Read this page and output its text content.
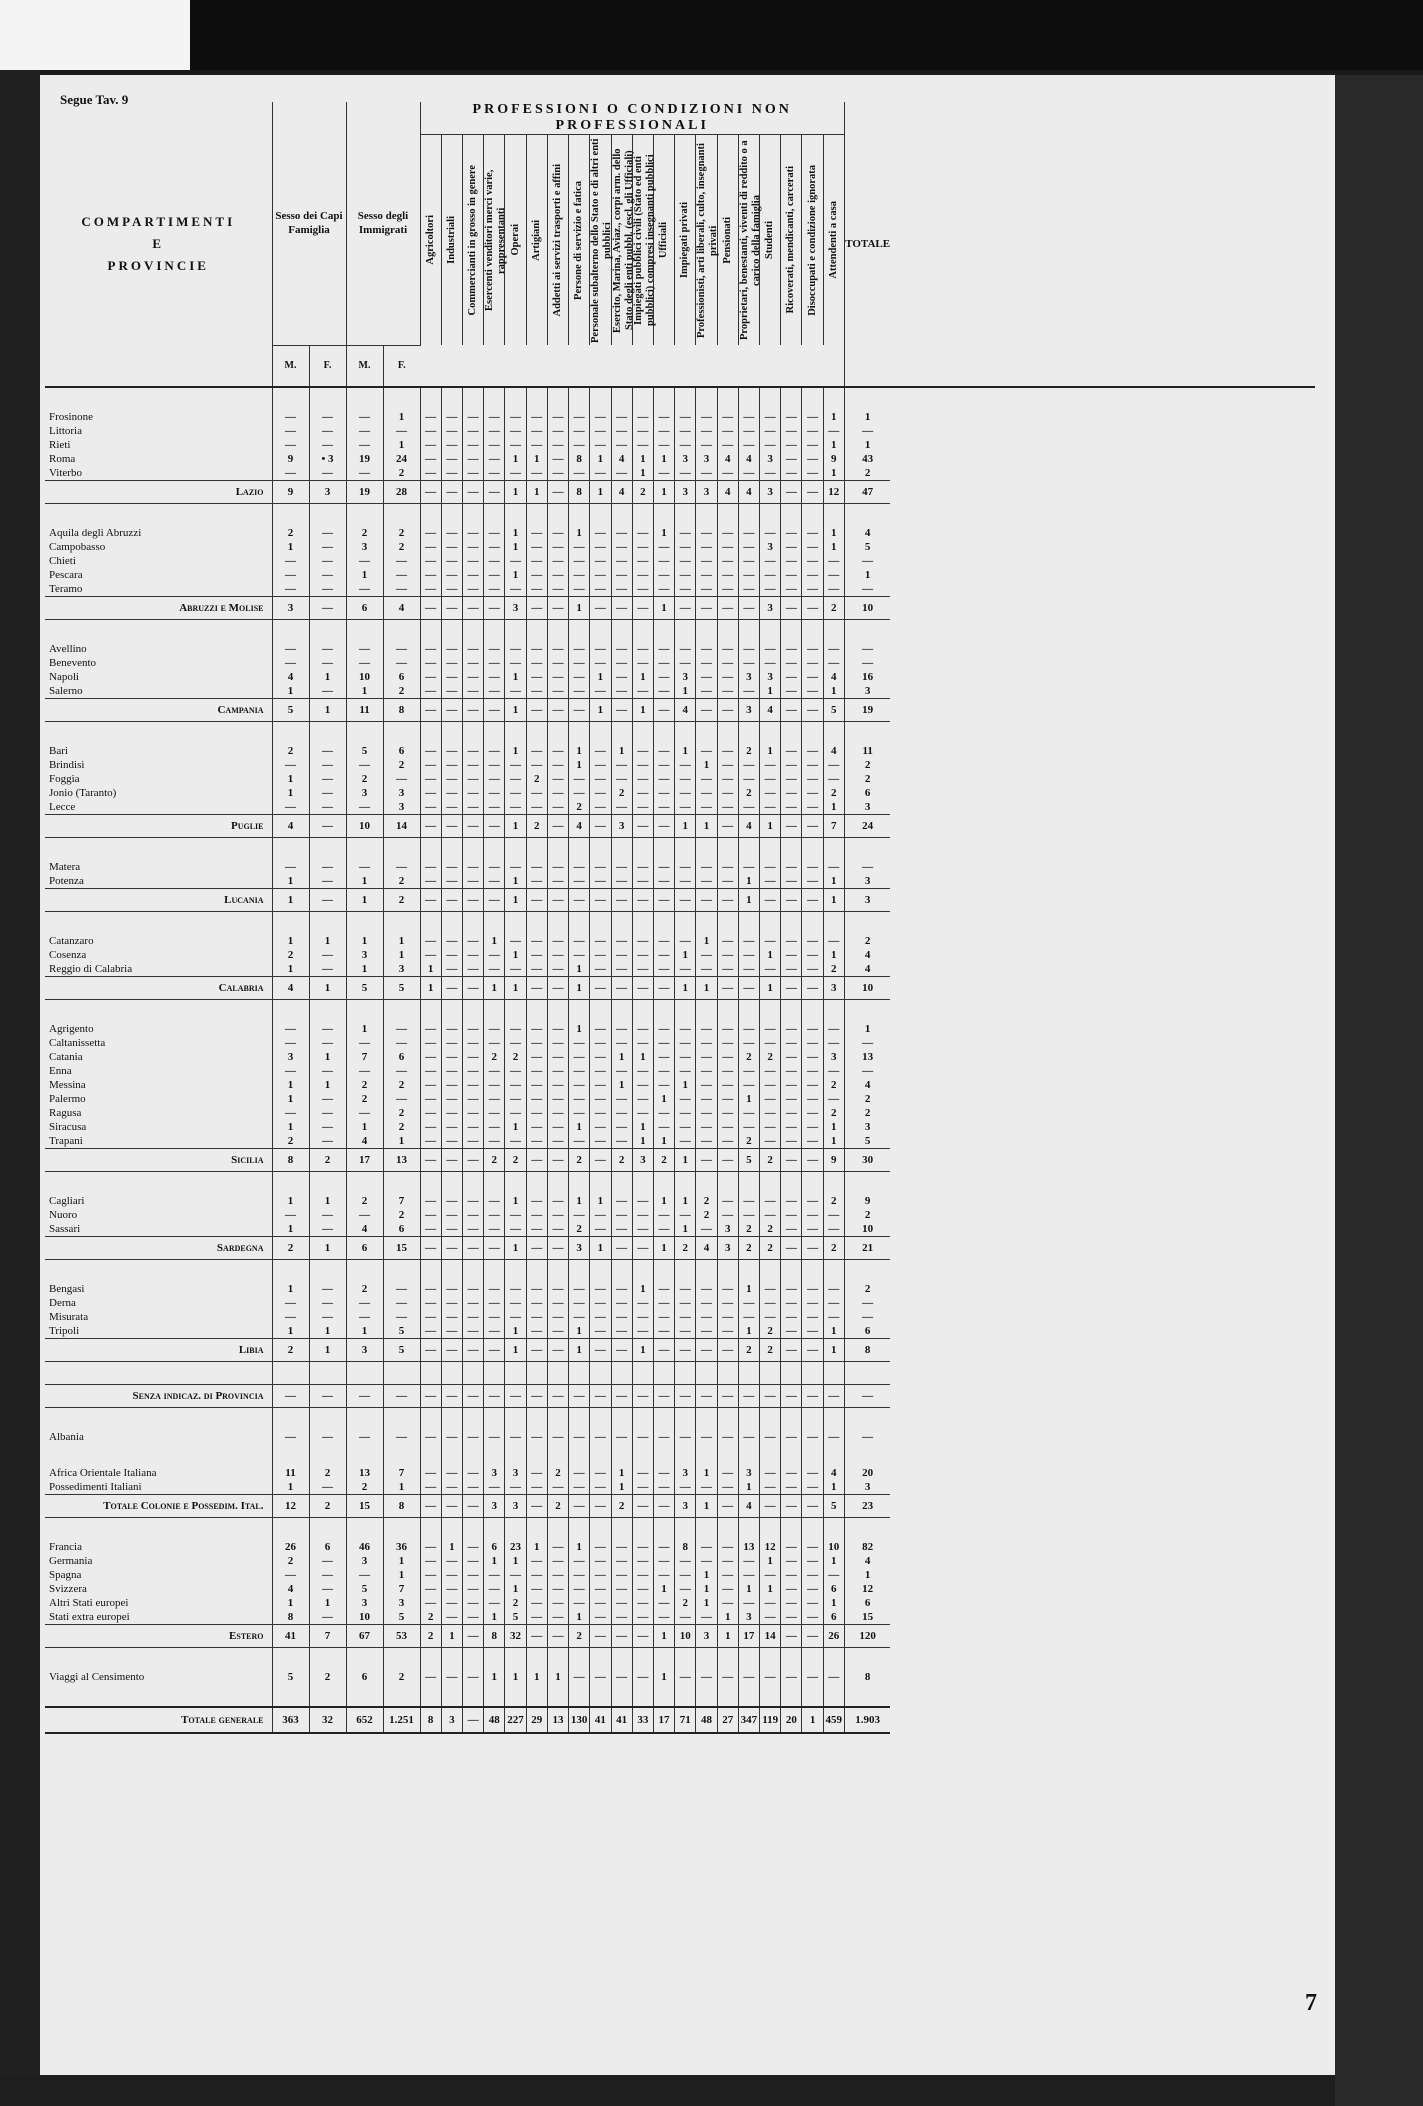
Segue Tav. 9
COMPARTIMENTI
E
PROVINCIE	Sesso dei Capi Famiglia		Sesso degli Immigrati		PROFESSIONI O CONDIZIONI NON PROFESSIONALI																				TOTALE	

					Agricoltori	Industriali	Commercianti in grosso in genere	Esercenti venditori merci varie, rappresentanti	Operai	Artigiani	Addetti ai servizi trasporti e affini	Persone di servizio e fatica	Personale subalterno dello Stato e di altri enti pubblici	Esercito, Marina, Aviaz., corpi arm. dello Stato degli enti pubbl. (escl. gli Ufficiali)	Impiegati pubblici civili (Stato ed enti pubblici) compresi insegnanti pubblici	Ufficiali	Impiegati privati	Professionisti, arti liberali, culto, insegnanti privati	Pensionati	Proprietari, benestanti, viventi di reddito o a carico della famiglia	Studenti	Ricoverati, mendicanti, carcerati	Disoccupati e condizione ignorata	Attendenti a casa		

	M.	F.	M.	F.																						

Frosinone	—	—	—	1	—	—	—	—	—	—	—	—	—	—	—	—	—	—	—	—	—	—	—	1	1	
Littoria	—	—	—	—	—	—	—	—	—	—	—	—	—	—	—	—	—	—	—	—	—	—	—	—	—	
Rieti	—	—	—	1	—	—	—	—	—	—	—	—	—	—	—	—	—	—	—	—	—	—	—	1	1	
Roma	9	• 3	19	24	—	—	—	—	1	1	—	8	1	4	1	1	3	3	4	4	3	—	—	9	43	
Viterbo	—	—	—	2	—	—	—	—	—	—	—	—	—	—	1	—	—	—	—	—	—	—	—	1	2	
Lazio	9	3	19	28	—	—	—	—	1	1	—	8	1	4	2	1	3	3	4	4	3	—	—	12	47	

Aquila degli Abruzzi	2	—	2	2	—	—	—	—	1	—	—	1	—	—	—	1	—	—	—	—	—	—	—	1	4	
Campobasso	1	—	3	2	—	—	—	—	1	—	—	—	—	—	—	—	—	—	—	—	3	—	—	1	5	
Chieti	—	—	—	—	—	—	—	—	—	—	—	—	—	—	—	—	—	—	—	—	—	—	—	—	—	
Pescara	—	—	1	—	—	—	—	—	1	—	—	—	—	—	—	—	—	—	—	—	—	—	—	—	1	
Teramo	—	—	—	—	—	—	—	—	—	—	—	—	—	—	—	—	—	—	—	—	—	—	—	—	—	
Abruzzi e Molise	3	—	6	4	—	—	—	—	3	—	—	1	—	—	—	1	—	—	—	—	3	—	—	2	10	

Avellino	—	—	—	—	—	—	—	—	—	—	—	—	—	—	—	—	—	—	—	—	—	—	—	—	—	
Benevento	—	—	—	—	—	—	—	—	—	—	—	—	—	—	—	—	—	—	—	—	—	—	—	—	—	
Napoli	4	1	10	6	—	—	—	—	1	—	—	—	1	—	1	—	3	—	—	3	3	—	—	4	16	
Salerno	1	—	1	2	—	—	—	—	—	—	—	—	—	—	—	—	1	—	—	—	1	—	—	1	3	
Campania	5	1	11	8	—	—	—	—	1	—	—	—	1	—	1	—	4	—	—	3	4	—	—	5	19	

Bari	2	—	5	6	—	—	—	—	1	—	—	1	—	1	—	—	1	—	—	2	1	—	—	4	11	
Brindisi	—	—	—	2	—	—	—	—	—	—	—	1	—	—	—	—	—	1	—	—	—	—	—	—	2	
Foggia	1	—	2	—	—	—	—	—	—	2	—	—	—	—	—	—	—	—	—	—	—	—	—	—	2	
Jonio (Taranto)	1	—	3	3	—	—	—	—	—	—	—	—	—	2	—	—	—	—	—	2	—	—	—	2	6	
Lecce	—	—	—	3	—	—	—	—	—	—	—	2	—	—	—	—	—	—	—	—	—	—	—	1	3	
Puglie	4	—	10	14	—	—	—	—	1	2	—	4	—	3	—	—	1	1	—	4	1	—	—	7	24	

Matera	—	—	—	—	—	—	—	—	—	—	—	—	—	—	—	—	—	—	—	—	—	—	—	—	—	
Potenza	1	—	1	2	—	—	—	—	1	—	—	—	—	—	—	—	—	—	—	1	—	—	—	1	3	
Lucania	1	—	1	2	—	—	—	—	1	—	—	—	—	—	—	—	—	—	—	1	—	—	—	1	3	

Catanzaro	1	1	1	1	—	—	—	1	—	—	—	—	—	—	—	—	—	1	—	—	—	—	—	—	2	
Cosenza	2	—	3	1	—	—	—	—	1	—	—	—	—	—	—	—	1	—	—	—	1	—	—	1	4	
Reggio di Calabria	1	—	1	3	1	—	—	—	—	—	—	1	—	—	—	—	—	—	—	—	—	—	—	2	4	
Calabria	4	1	5	5	1	—	—	1	1	—	—	1	—	—	—	—	1	1	—	—	1	—	—	3	10	

Agrigento	—	—	1	—	—	—	—	—	—	—	—	1	—	—	—	—	—	—	—	—	—	—	—	—	1	
Caltanissetta	—	—	—	—	—	—	—	—	—	—	—	—	—	—	—	—	—	—	—	—	—	—	—	—	—	
Catania	3	1	7	6	—	—	—	2	2	—	—	—	—	1	1	—	—	—	—	2	2	—	—	3	13	
Enna	—	—	—	—	—	—	—	—	—	—	—	—	—	—	—	—	—	—	—	—	—	—	—	—	—	
Messina	1	1	2	2	—	—	—	—	—	—	—	—	—	1	—	—	1	—	—	—	—	—	—	2	4	
Palermo	1	—	2	—	—	—	—	—	—	—	—	—	—	—	—	1	—	—	—	1	—	—	—	—	2	
Ragusa	—	—	—	2	—	—	—	—	—	—	—	—	—	—	—	—	—	—	—	—	—	—	—	2	2	
Siracusa	1	—	1	2	—	—	—	—	1	—	—	1	—	—	1	—	—	—	—	—	—	—	—	1	3	
Trapani	2	—	4	1	—	—	—	—	—	—	—	—	—	—	1	1	—	—	—	2	—	—	—	1	5	
Sicilia	8	2	17	13	—	—	—	2	2	—	—	2	—	2	3	2	1	—	—	5	2	—	—	9	30	

Cagliari	1	1	2	7	—	—	—	—	1	—	—	1	1	—	—	1	1	2	—	—	—	—	—	2	9	
Nuoro	—	—	—	2	—	—	—	—	—	—	—	—	—	—	—	—	—	2	—	—	—	—	—	—	2	
Sassari	1	—	4	6	—	—	—	—	—	—	—	2	—	—	—	—	1	—	3	2	2	—	—	—	10	
Sardegna	2	1	6	15	—	—	—	—	1	—	—	3	1	—	—	1	2	4	3	2	2	—	—	2	21	

Bengasi	1	—	2	—	—	—	—	—	—	—	—	—	—	—	1	—	—	—	—	1	—	—	—	—	2	
Derna	—	—	—	—	—	—	—	—	—	—	—	—	—	—	—	—	—	—	—	—	—	—	—	—	—	
Misurata	—	—	—	—	—	—	—	—	—	—	—	—	—	—	—	—	—	—	—	—	—	—	—	—	—	
Tripoli	1	1	1	5	—	—	—	—	1	—	—	1	—	—	—	—	—	—	—	1	2	—	—	1	6	
Libia	2	1	3	5	—	—	—	—	1	—	—	1	—	—	1	—	—	—	—	2	2	—	—	1	8	

Senza indicaz. di Provincia	—	—	—	—	—	—	—	—	—	—	—	—	—	—	—	—	—	—	—	—	—	—	—	—	—	

Albania	—	—	—	—	—	—	—	—	—	—	—	—	—	—	—	—	—	—	—	—	—	—	—	—	—	

Africa Orientale Italiana	11	2	13	7	—	—	—	3	3	—	2	—	—	1	—	—	3	1	—	3	—	—	—	4	20	
Possedimenti Italiani	1	—	2	1	—	—	—	—	—	—	—	—	—	1	—	—	—	—	—	1	—	—	—	1	3	
Totale Colonie e Possedim. Ital.	12	2	15	8	—	—	—	3	3	—	2	—	—	2	—	—	3	1	—	4	—	—	—	5	23	

Francia	26	6	46	36	—	1	—	6	23	1	—	1	—	—	—	—	8	—	—	13	12	—	—	10	82	
Germania	2	—	3	1	—	—	—	1	1	—	—	—	—	—	—	—	—	—	—	—	1	—	—	1	4	
Spagna	—	—	—	1	—	—	—	—	—	—	—	—	—	—	—	—	—	1	—	—	—	—	—	—	1	
Svizzera	4	—	5	7	—	—	—	—	1	—	—	—	—	—	—	1	—	1	—	1	1	—	—	6	12	
Altri Stati europei	1	1	3	3	—	—	—	—	2	—	—	—	—	—	—	—	2	1	—	—	—	—	—	1	6	
Stati extra europei	8	—	10	5	2	—	—	1	5	—	—	1	—	—	—	—	—	—	1	3	—	—	—	6	15	
Estero	41	7	67	53	2	1	—	8	32	—	—	2	—	—	—	1	10	3	1	17	14	—	—	26	120	

Viaggi al Censimento	5	2	6	2	—	—	—	1	1	1	1	—	—	—	—	1	—	—	—	—	—	—	—	—	8	

Totale generale	363	32	652	1.251	8	3	—	48	227	29	13	130	41	41	33	17	71	48	27	347	119	20	1	459	1.903	
7
